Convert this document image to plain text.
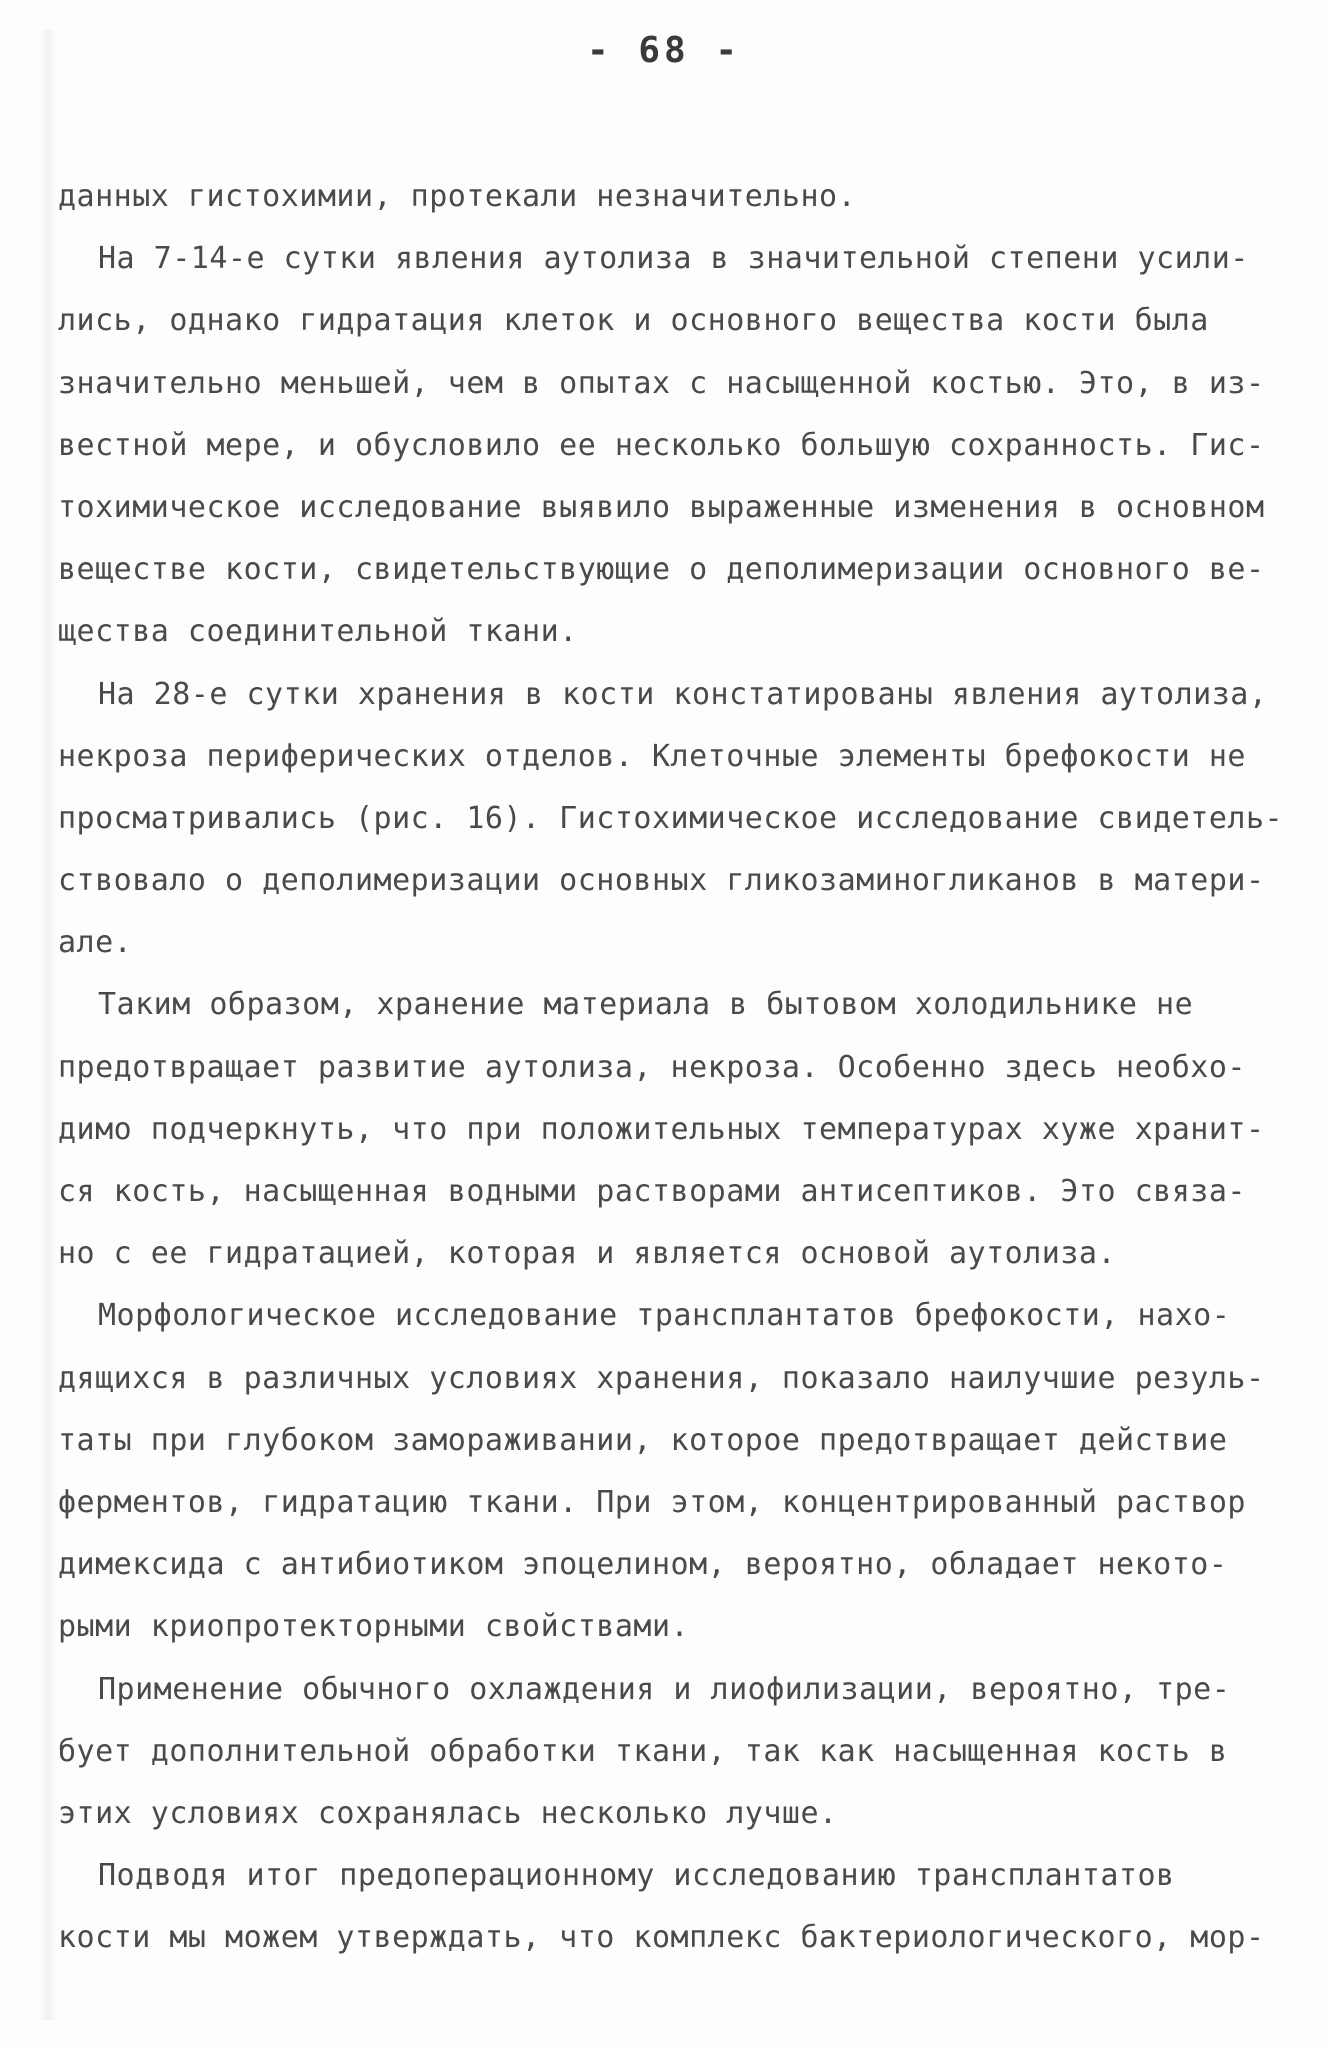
- 68 -
данных гистохимии, протекали незначительно.
На 7-14-е сутки явления аутолиза в значительной степени усили-
лись, однако гидратация клеток и основного вещества кости была
значительно меньшей, чем в опытах с насыщенной костью. Это, в из-
вестной мере, и обусловило ее несколько большую сохранность. Гис-
тохимическое исследование выявило выраженные изменения в основном
веществе кости, свидетельствующие о деполимеризации основного ве-
щества соединительной ткани.
На 28-е сутки хранения в кости констатированы явления аутолиза,
некроза периферических отделов. Клеточные элементы брефокости не
просматривались (рис. 16). Гистохимическое исследование свидетель-
ствовало о деполимеризации основных гликозаминогликанов в матери-
але.
Таким образом, хранение материала в бытовом холодильнике не
предотвращает развитие аутолиза, некроза. Особенно здесь необхо-
димо подчеркнуть, что при положительных температурах хуже хранит-
ся кость, насыщенная водными растворами антисептиков. Это связа-
но с ее гидратацией, которая и является основой аутолиза.
Морфологическое исследование трансплантатов брефокости, нахо-
дящихся в различных условиях хранения, показало наилучшие резуль-
таты при глубоком замораживании, которое предотвращает действие
ферментов, гидратацию ткани. При этом, концентрированный раствор
димексида с антибиотиком эпоцелином, вероятно, обладает некото-
рыми криопротекторными свойствами.
Применение обычного охлаждения и лиофилизации, вероятно, тре-
бует дополнительной обработки ткани, так как насыщенная кость в
этих условиях сохранялась несколько лучше.
Подводя итог предоперационному исследованию трансплантатов
кости мы можем утверждать, что комплекс бактериологического, мор-
